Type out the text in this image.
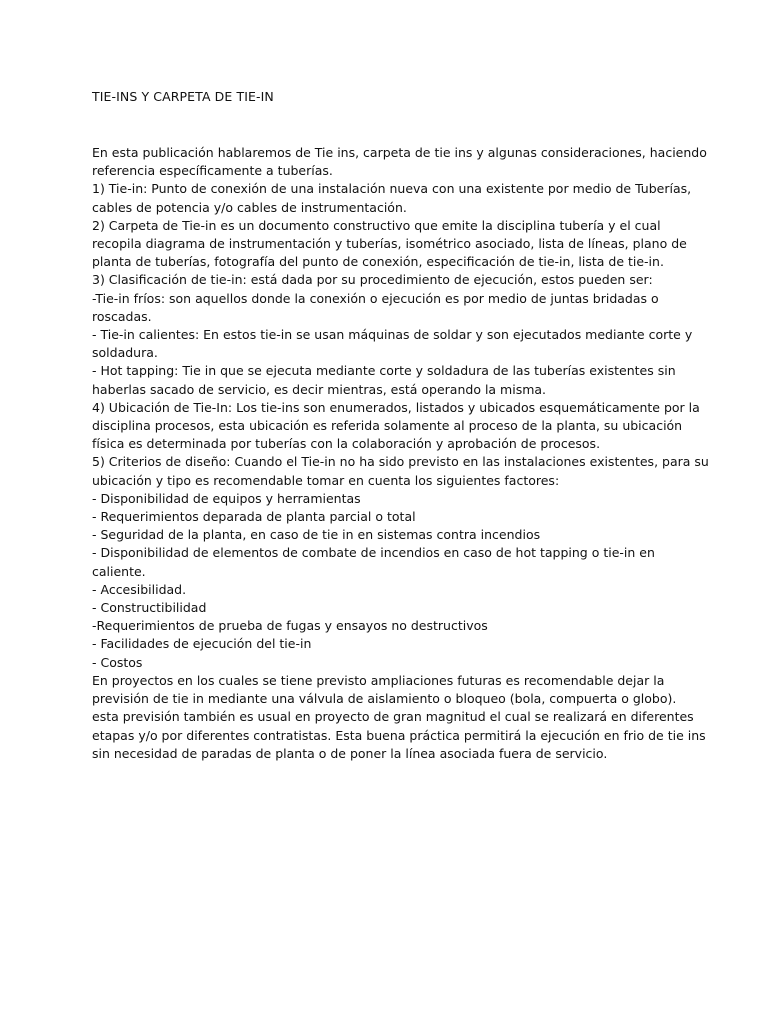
TIE-INS Y CARPETA DE TIE-IN
En esta publicación hablaremos de Tie ins, carpeta de tie ins y algunas consideraciones, haciendo
referencia específicamente a tuberías.
1) Tie-in: Punto de conexión de una instalación nueva con una existente por medio de Tuberías,
cables de potencia y/o cables de instrumentación.
2) Carpeta de Tie-in es un documento constructivo que emite la disciplina tubería y el cual
recopila diagrama de instrumentación y tuberías, isométrico asociado, lista de líneas, plano de
planta de tuberías, fotografía del punto de conexión, especificación de tie-in, lista de tie-in.
3) Clasificación de tie-in: está dada por su procedimiento de ejecución, estos pueden ser:
-Tie-in fríos: son aquellos donde la conexión o ejecución es por medio de juntas bridadas o
roscadas.
- Tie-in calientes: En estos tie-in se usan máquinas de soldar y son ejecutados mediante corte y
soldadura.
- Hot tapping: Tie in que se ejecuta mediante corte y soldadura de las tuberías existentes sin
haberlas sacado de servicio, es decir mientras, está operando la misma.
4) Ubicación de Tie-In: Los tie-ins son enumerados, listados y ubicados esquemáticamente por la
disciplina procesos, esta ubicación es referida solamente al proceso de la planta, su ubicación
física es determinada por tuberías con la colaboración y aprobación de procesos.
5) Criterios de diseño: Cuando el Tie-in no ha sido previsto en las instalaciones existentes, para su
ubicación y tipo es recomendable tomar en cuenta los siguientes factores:
- Disponibilidad de equipos y herramientas
- Requerimientos deparada de planta parcial o total
- Seguridad de la planta, en caso de tie in en sistemas contra incendios
- Disponibilidad de elementos de combate de incendios en caso de hot tapping o tie-in en
caliente.
- Accesibilidad.
- Constructibilidad
-Requerimientos de prueba de fugas y ensayos no destructivos
- Facilidades de ejecución del tie-in
- Costos
En proyectos en los cuales se tiene previsto ampliaciones futuras es recomendable dejar la
previsión de tie in mediante una válvula de aislamiento o bloqueo (bola, compuerta o globo).
esta previsión también es usual en proyecto de gran magnitud el cual se realizará en diferentes
etapas y/o por diferentes contratistas. Esta buena práctica permitirá la ejecución en frio de tie ins
sin necesidad de paradas de planta o de poner la línea asociada fuera de servicio.
